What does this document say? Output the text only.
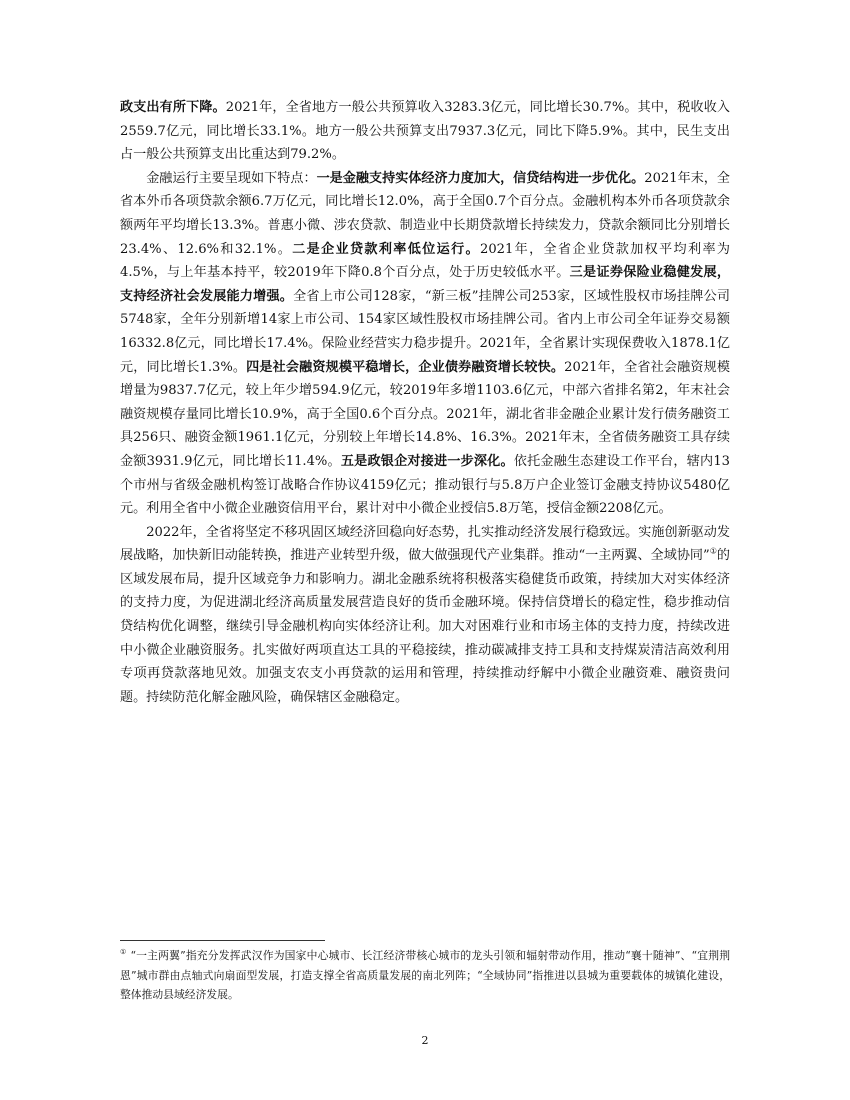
政支出有所下降。2021年，全省地方一般公共预算收入3283.3亿元，同比增长30.7%。其中，税收收入2559.7亿元，同比增长33.1%。地方一般公共预算支出7937.3亿元，同比下降5.9%。其中，民生支出占一般公共预算支出比重达到79.2%。

金融运行主要呈现如下特点：一是金融支持实体经济力度加大，信贷结构进一步优化。2021年末，全省本外币各项贷款余额6.7万亿元，同比增长12.0%，高于全国0.7个百分点。金融机构本外币各项贷款余额两年平均增长13.3%。普惠小微、涉农贷款、制造业中长期贷款增长持续发力，贷款余额同比分别增长23.4%、12.6%和32.1%。二是企业贷款利率低位运行。2021年，全省企业贷款加权平均利率为4.5%，与上年基本持平，较2019年下降0.8个百分点，处于历史较低水平。三是证券保险业稳健发展，支持经济社会发展能力增强。全省上市公司128家，“新三板”挂牌公司253家，区域性股权市场挂牌公司5748家，全年分别新增14家上市公司、154家区域性股权市场挂牌公司。省内上市公司全年证券交易额16332.8亿元，同比增长17.4%。保险业经营实力稳步提升。2021年，全省累计实现保费收入1878.1亿元，同比增长1.3%。四是社会融资规模平稳增长，企业债券融资增长较快。2021年，全省社会融资规模增量为9837.7亿元，较上年少增594.9亿元，较2019年多增1103.6亿元，中部六省排名第2，年末社会融资规模存量同比增长10.9%，高于全国0.6个百分点。2021年，湖北省非金融企业累计发行债务融资工具256只、融资金额1961.1亿元，分别较上年增长14.8%、16.3%。2021年末，全省债务融资工具存续金额3931.9亿元，同比增长11.4%。五是政银企对接进一步深化。依托金融生态建设工作平台，辖内13个市州与省级金融机构签订战略合作协议4159亿元；推动银行与5.8万户企业签订金融支持协议5480亿元。利用全省中小微企业融资信用平台，累计对中小微企业授信5.8万笔，授信金额2208亿元。

2022年，全省将坚定不移巩固区域经济回稳向好态势，扎实推动经济发展行稳致远。实施创新驱动发展战略，加快新旧动能转换，推进产业转型升级，做大做强现代产业集群。推动“一主两翼、全域协同”①的区域发展布局，提升区域竞争力和影响力。湖北金融系统将积极落实稳健货币政策，持续加大对实体经济的支持力度，为促进湖北经济高质量发展营造良好的货币金融环境。保持信贷增长的稳定性，稳步推动信贷结构优化调整，继续引导金融机构向实体经济让利。加大对困难行业和市场主体的支持力度，持续改进中小微企业融资服务。扎实做好两项直达工具的平稳接续，推动碳减排支持工具和支持煤炭清洁高效利用专项再贷款落地见效。加强支农支小再贷款的运用和管理，持续推动纾解中小微企业融资难、融资贵问题。持续防范化解金融风险，确保辖区金融稳定。

① “一主两翼”指充分发挥武汉作为国家中心城市、长江经济带核心城市的龙头引领和辐射带动作用，推动“襄十随神”、“宜荆荆恩”城市群由点轴式向扇面型发展，打造支撑全省高质量发展的南北列阵；“全域协同”指推进以县城为重要载体的城镇化建设，整体推动县域经济发展。
2
